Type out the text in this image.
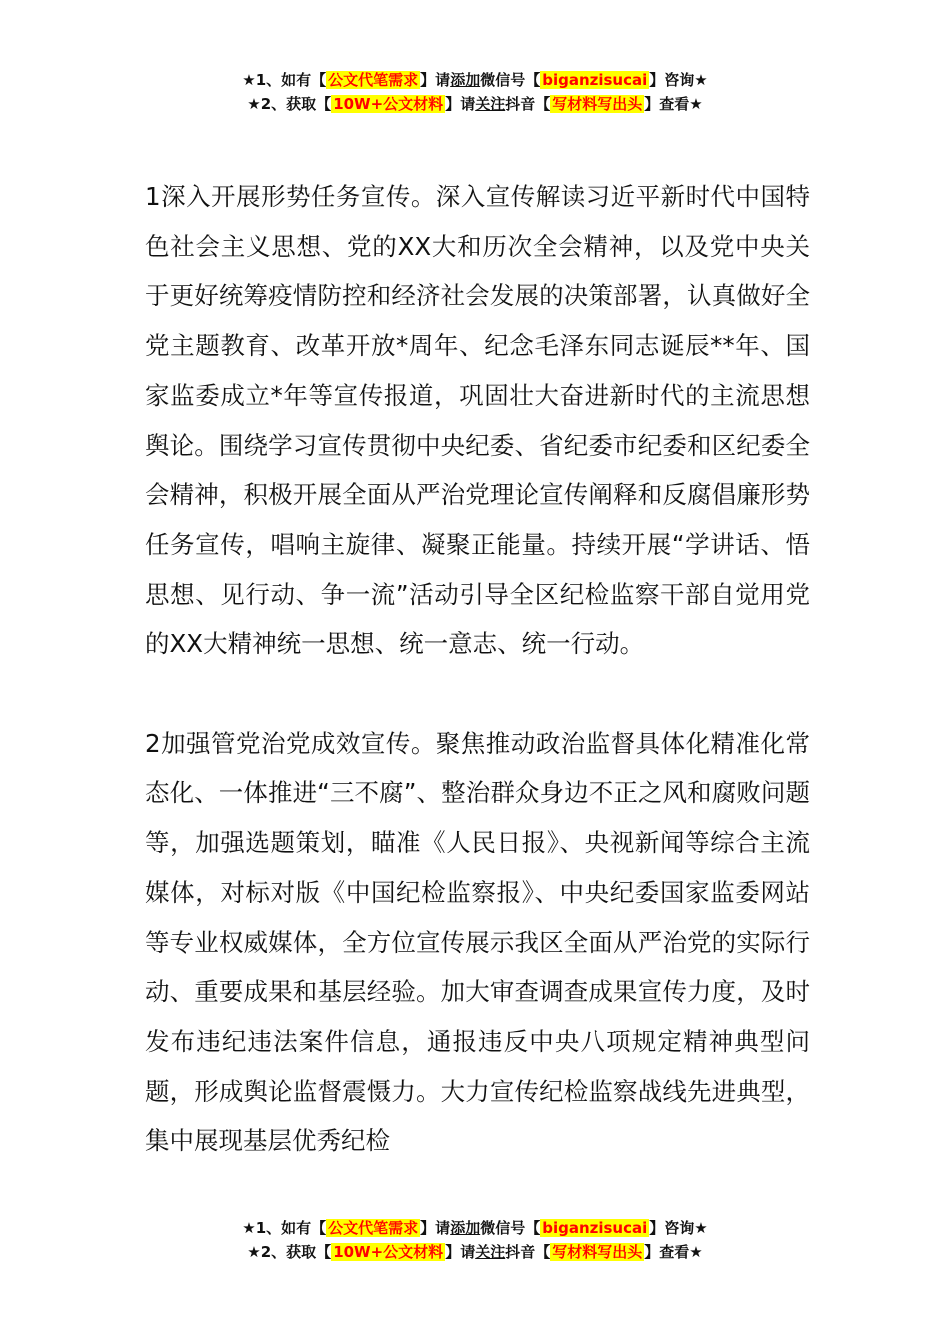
★1、如有【 公文代笔需求 】请添加微信号【 biganzisucai 】咨询★
★2、获取【 10W+公文材料 】请关注抖音【 写材料写出头 】查看★

1深入开展形势任务宣传。深入宣传解读习近平新时代中国特色社会主义思想、党的XX大和历次全会精神，以及党中央关于更好统筹疫情防控和经济社会发展的决策部署，认真做好全党主题教育、改革开放*周年、纪念毛泽东同志诞辰**年、国家监委成立*年等宣传报道，巩固壮大奋进新时代的主流思想舆论。围绕学习宣传贯彻中央纪委、省纪委市纪委和区纪委全会精神，积极开展全面从严治党理论宣传阐释和反腐倡廉形势任务宣传，唱响主旋律、凝聚正能量。持续开展“学讲话、悟思想、见行动、争一流”活动引导全区纪检监察干部自觉用党的XX大精神统一思想、统一意志、统一行动。

2加强管党治党成效宣传。聚焦推动政治监督具体化精准化常态化、一体推进“三不腐”、整治群众身边不正之风和腐败问题等，加强选题策划，瞄准《人民日报》、央视新闻等综合主流媒体，对标对版《中国纪检监察报》、中央纪委国家监委网站等专业权威媒体，全方位宣传展示我区全面从严治党的实际行动、重要成果和基层经验。加大审查调查成果宣传力度，及时发布违纪违法案件信息，通报违反中央八项规定精神典型问题，形成舆论监督震慑力。大力宣传纪检监察战线先进典型，集中展现基层优秀纪检

★1、如有【 公文代笔需求 】请添加微信号【 biganzisucai 】咨询★
★2、获取【 10W+公文材料 】请关注抖音【 写材料写出头 】查看★
